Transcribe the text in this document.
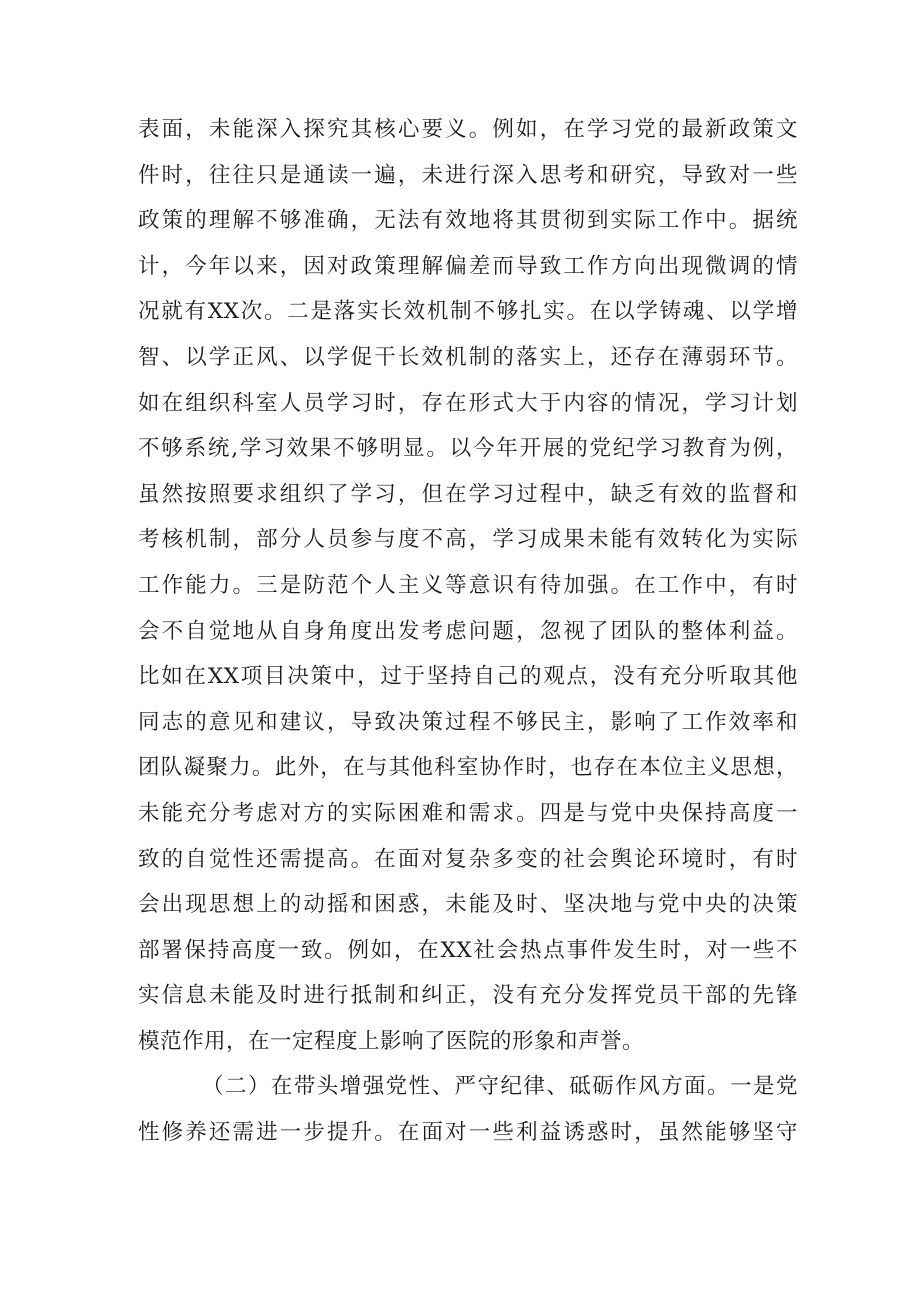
表面，未能深入探究其核心要义。例如，在学习党的最新政策文
件时，往往只是通读一遍，未进行深入思考和研究，导致对一些
政策的理解不够准确，无法有效地将其贯彻到实际工作中。据统
计，今年以来，因对政策理解偏差而导致工作方向出现微调的情
况就有XX次。二是落实长效机制不够扎实。在以学铸魂、以学增
智、以学正风、以学促干长效机制的落实上，还存在薄弱环节。
如在组织科室人员学习时，存在形式大于内容的情况，学习计划
不够系统,学习效果不够明显。以今年开展的党纪学习教育为例，
虽然按照要求组织了学习，但在学习过程中，缺乏有效的监督和
考核机制，部分人员参与度不高，学习成果未能有效转化为实际
工作能力。三是防范个人主义等意识有待加强。在工作中，有时
会不自觉地从自身角度出发考虑问题，忽视了团队的整体利益。
比如在XX项目决策中，过于坚持自己的观点，没有充分听取其他
同志的意见和建议，导致决策过程不够民主，影响了工作效率和
团队凝聚力。此外，在与其他科室协作时，也存在本位主义思想，
未能充分考虑对方的实际困难和需求。四是与党中央保持高度一
致的自觉性还需提高。在面对复杂多变的社会舆论环境时，有时
会出现思想上的动摇和困惑，未能及时、坚决地与党中央的决策
部署保持高度一致。例如，在XX社会热点事件发生时，对一些不
实信息未能及时进行抵制和纠正，没有充分发挥党员干部的先锋
模范作用，在一定程度上影响了医院的形象和声誉。
（二）在带头增强党性、严守纪律、砥砺作风方面。一是党
性修养还需进一步提升。在面对一些利益诱惑时，虽然能够坚守
